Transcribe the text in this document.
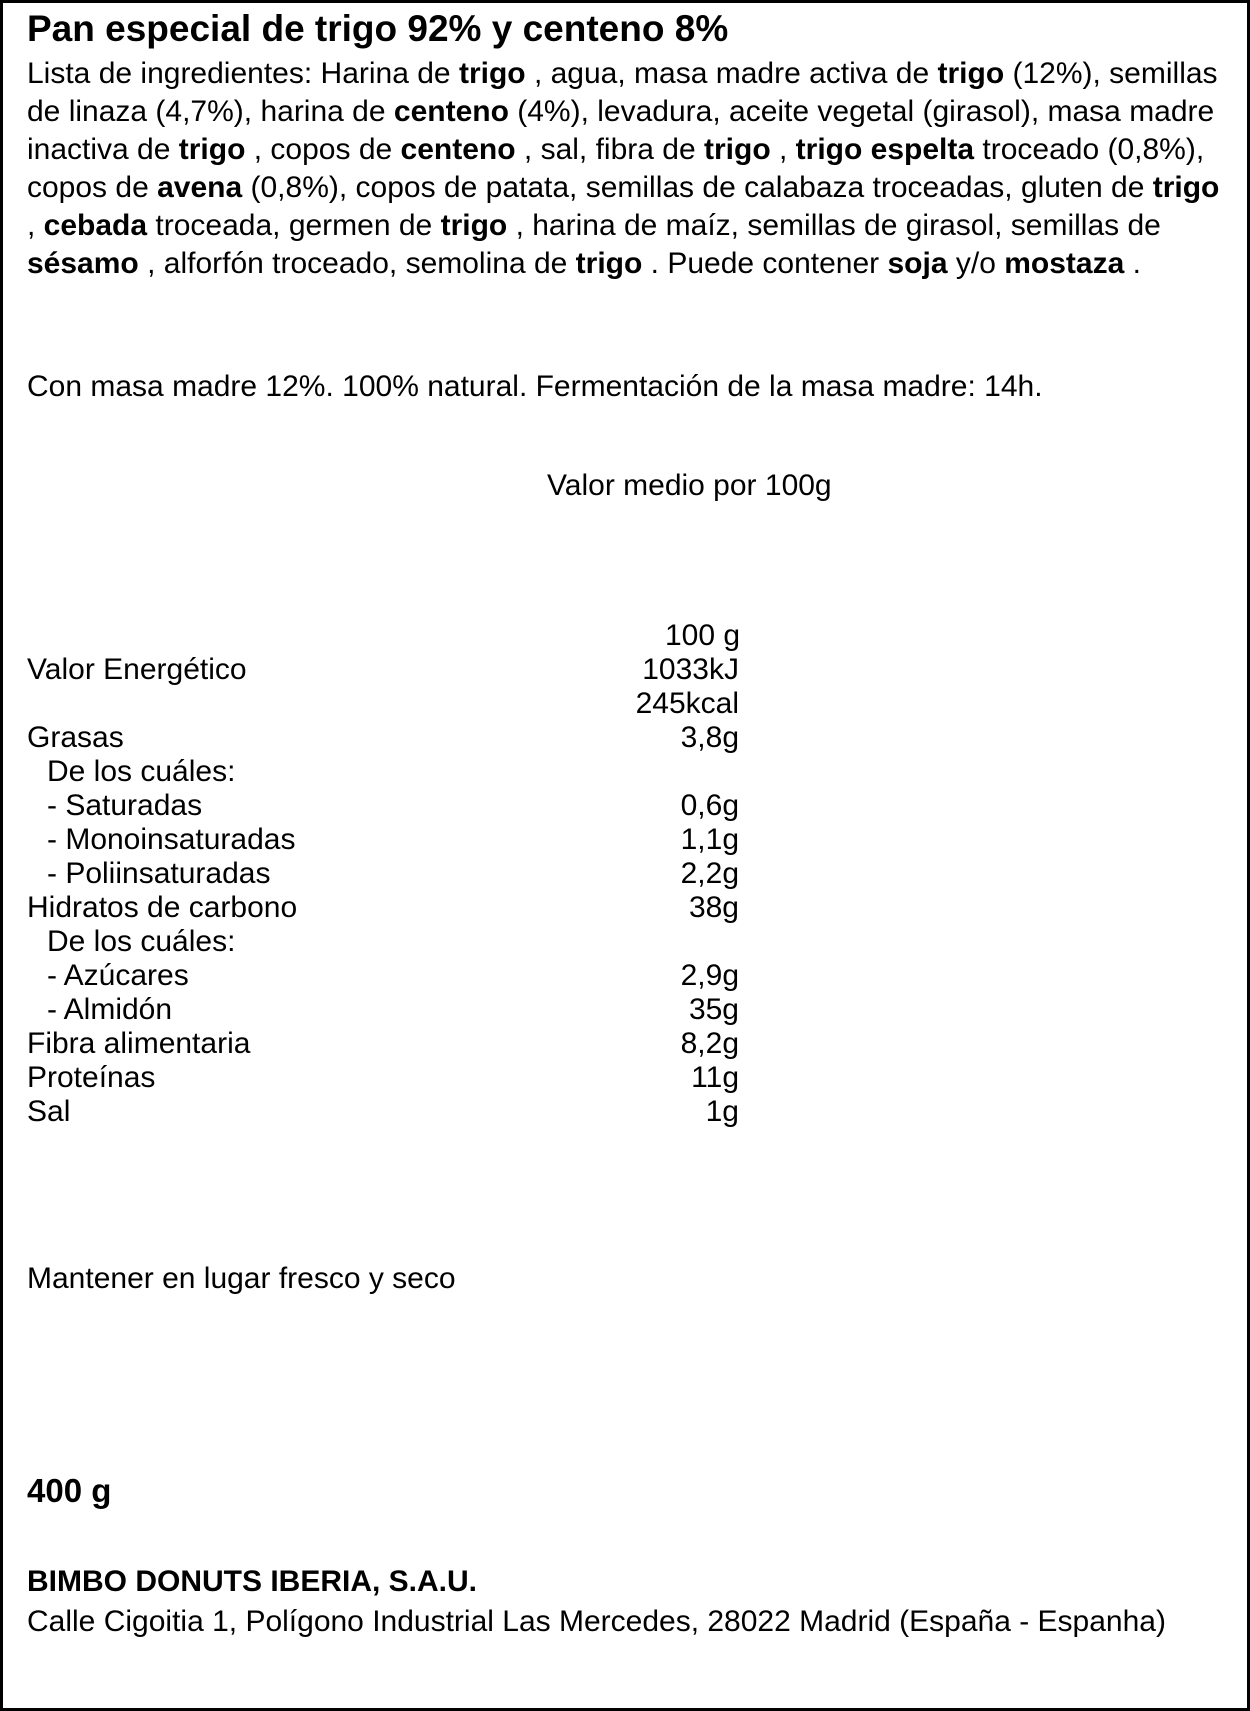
Pan especial de trigo 92% y centeno 8%

Lista de ingredientes: Harina de trigo , agua, masa madre activa de trigo (12%), semillas de linaza (4,7%), harina de centeno (4%), levadura, aceite vegetal (girasol), masa madre inactiva de trigo , copos de centeno , sal, fibra de trigo , trigo espelta troceado (0,8%), copos de avena (0,8%), copos de patata, semillas de calabaza troceadas, gluten de trigo , cebada troceada, germen de trigo , harina de maíz, semillas de girasol, semillas de sésamo , alforfón troceado, semolina de trigo . Puede contener soja y/o mostaza .

Con masa madre 12%. 100% natural. Fermentación de la masa madre: 14h.

Valor medio por 100g

100 g

Valor Energético	1033kJ

245kcal

Grasas	3,8g

De los cuáles:

- Saturadas	0,6g

- Monoinsaturadas	1,1g

- Poliinsaturadas	2,2g

Hidratos de carbono	38g

De los cuáles:

- Azúcares	2,9g

- Almidón	35g

Fibra alimentaria	8,2g

Proteínas	11g

Sal	1g

Mantener en lugar fresco y seco

400 g

BIMBO DONUTS IBERIA, S.A.U.

Calle Cigoitia 1, Polígono Industrial Las Mercedes, 28022 Madrid (España - Espanha)
